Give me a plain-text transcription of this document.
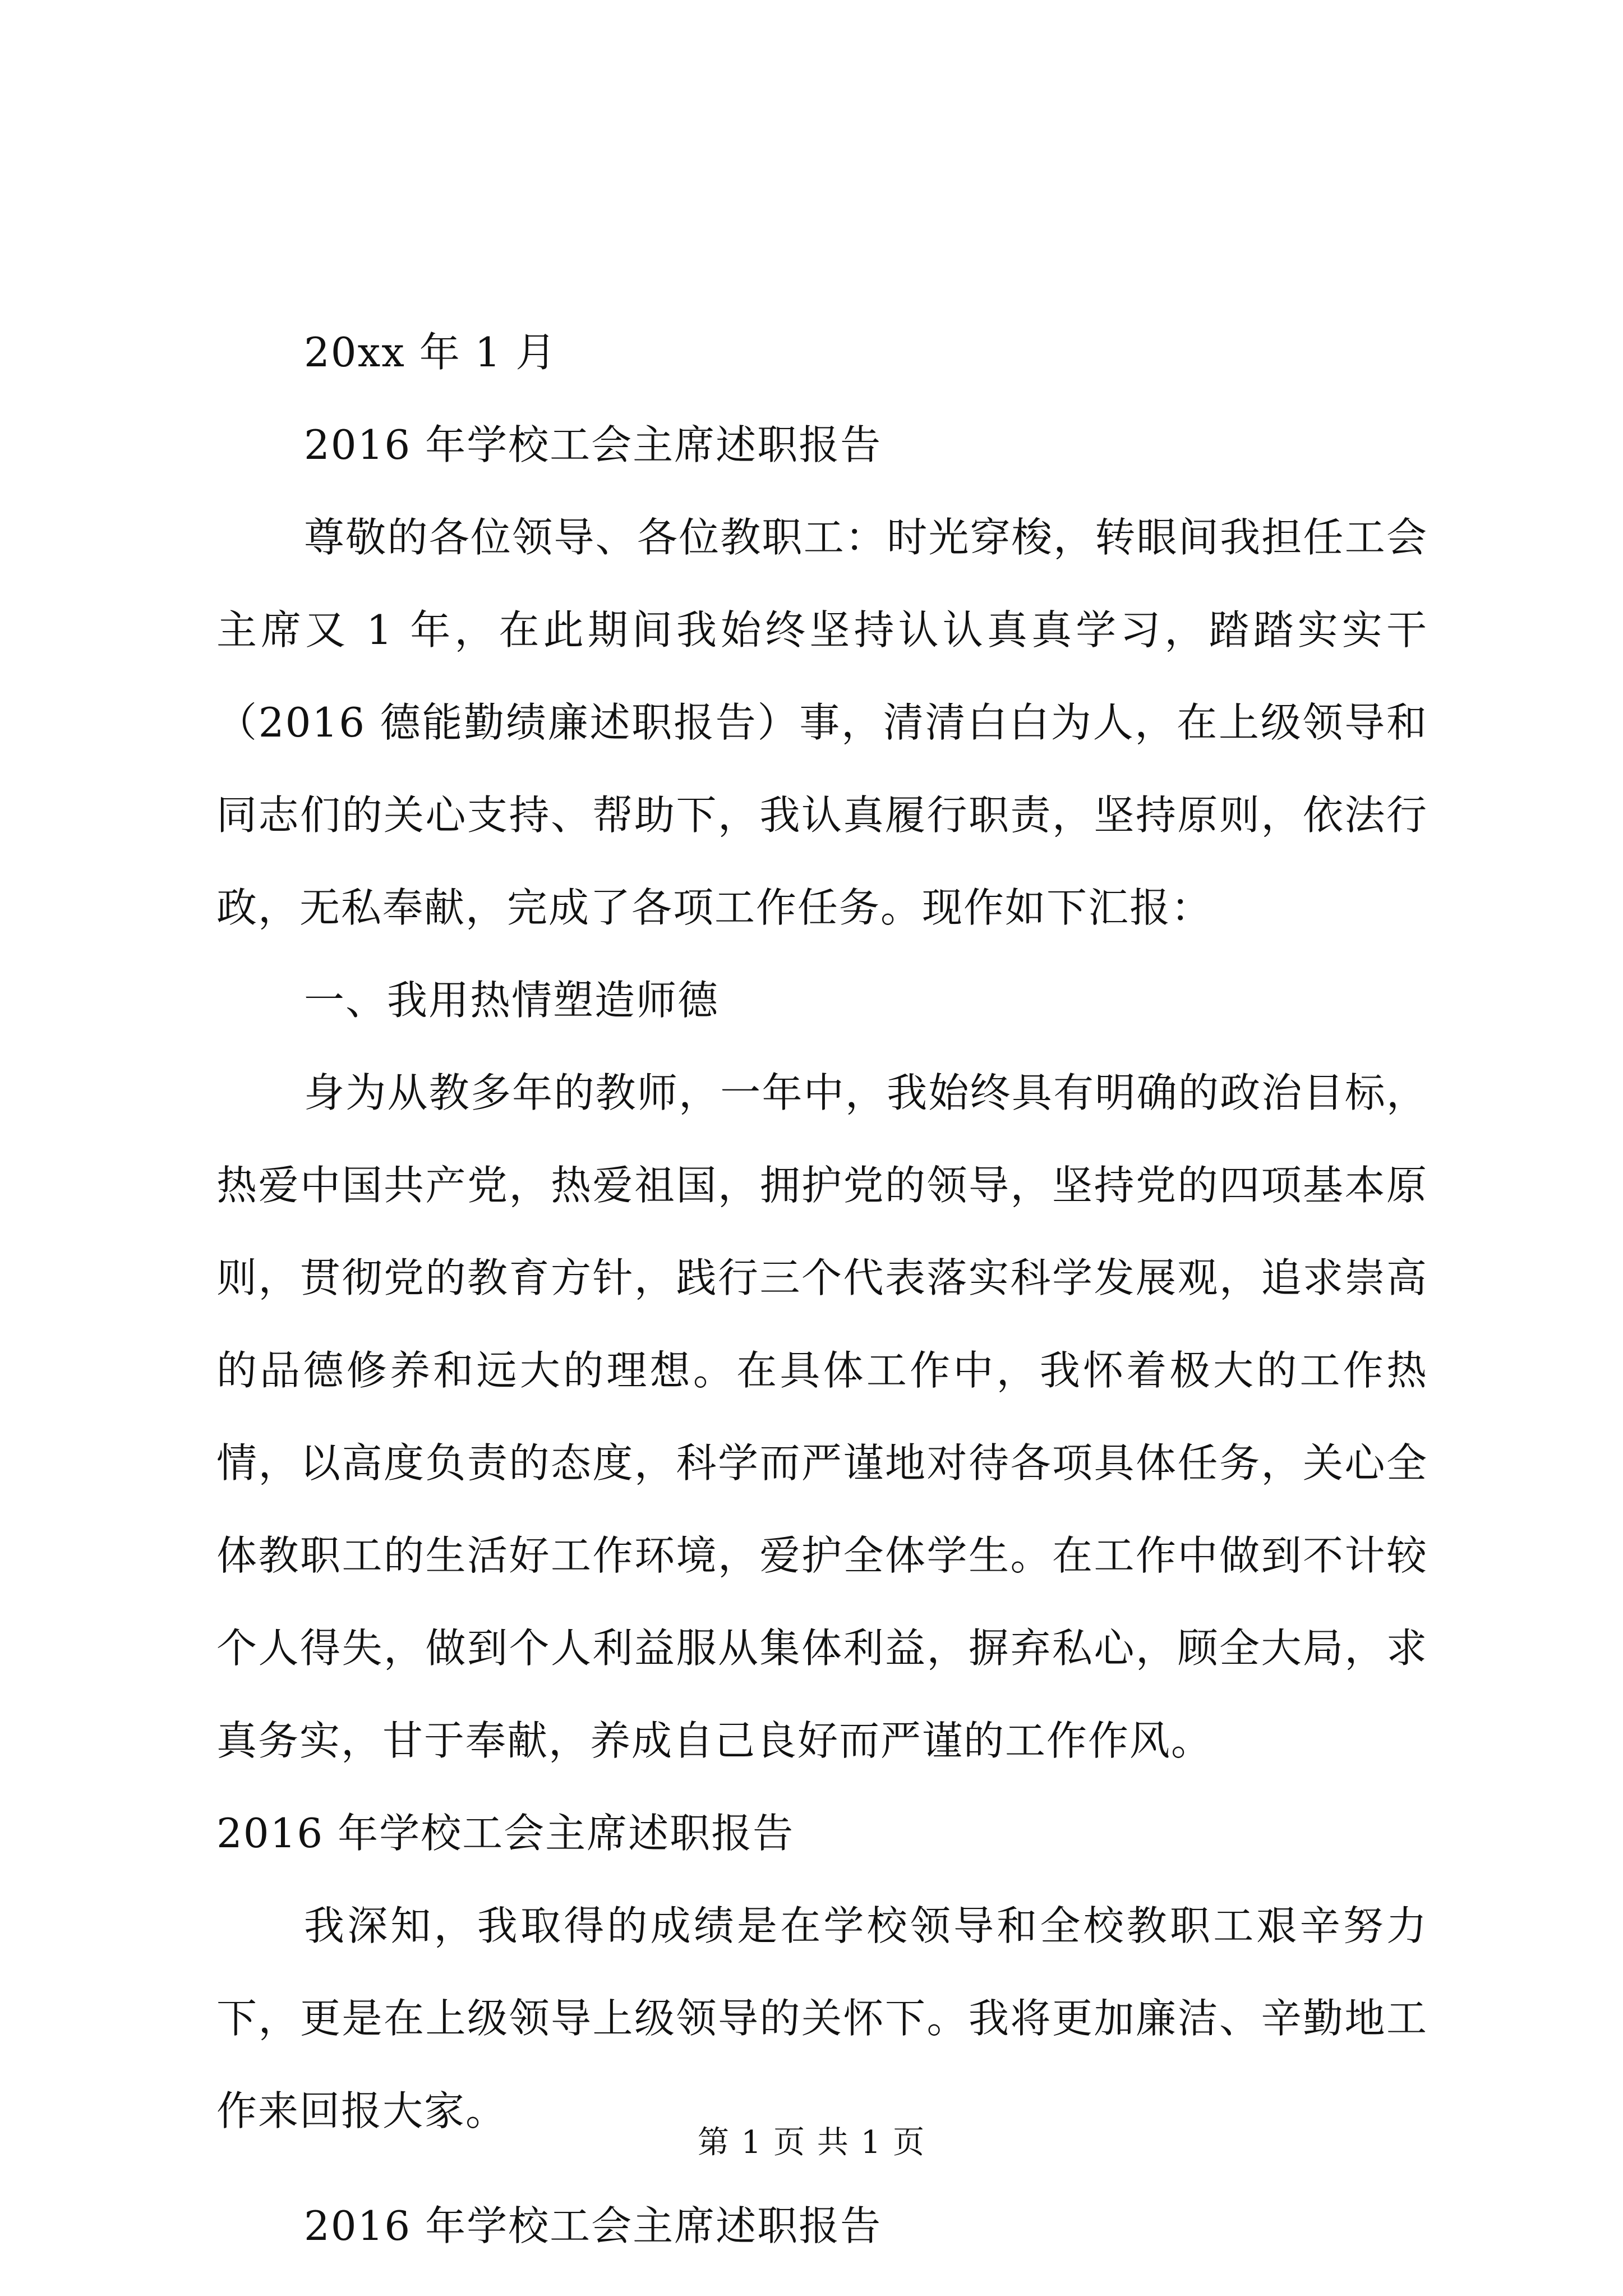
20xx 年 1 月

2016 年学校工会主席述职报告

尊敬的各位领导、各位教职工：时光穿梭，转眼间我担任工会主席又 1 年，在此期间我始终坚持认认真真学习，踏踏实实干（2016 德能勤绩廉述职报告）事，清清白白为人，在上级领导和同志们的关心支持、帮助下，我认真履行职责，坚持原则，依法行政，无私奉献，完成了各项工作任务。现作如下汇报：

一、我用热情塑造师德

身为从教多年的教师，一年中，我始终具有明确的政治目标，热爱中国共产党，热爱祖国，拥护党的领导，坚持党的四项基本原则，贯彻党的教育方针，践行三个代表落实科学发展观，追求崇高的品德修养和远大的理想。在具体工作中，我怀着极大的工作热情，以高度负责的态度，科学而严谨地对待各项具体任务，关心全体教职工的生活好工作环境，爱护全体学生。在工作中做到不计较个人得失，做到个人利益服从集体利益，摒弃私心，顾全大局，求真务实，甘于奉献，养成自己良好而严谨的工作作风。

2016 年学校工会主席述职报告

我深知，我取得的成绩是在学校领导和全校教职工艰辛努力下，更是在上级领导上级领导的关怀下。我将更加廉洁、辛勤地工作来回报大家。

2016 年学校工会主席述职报告

第 1 页 共 1 页
